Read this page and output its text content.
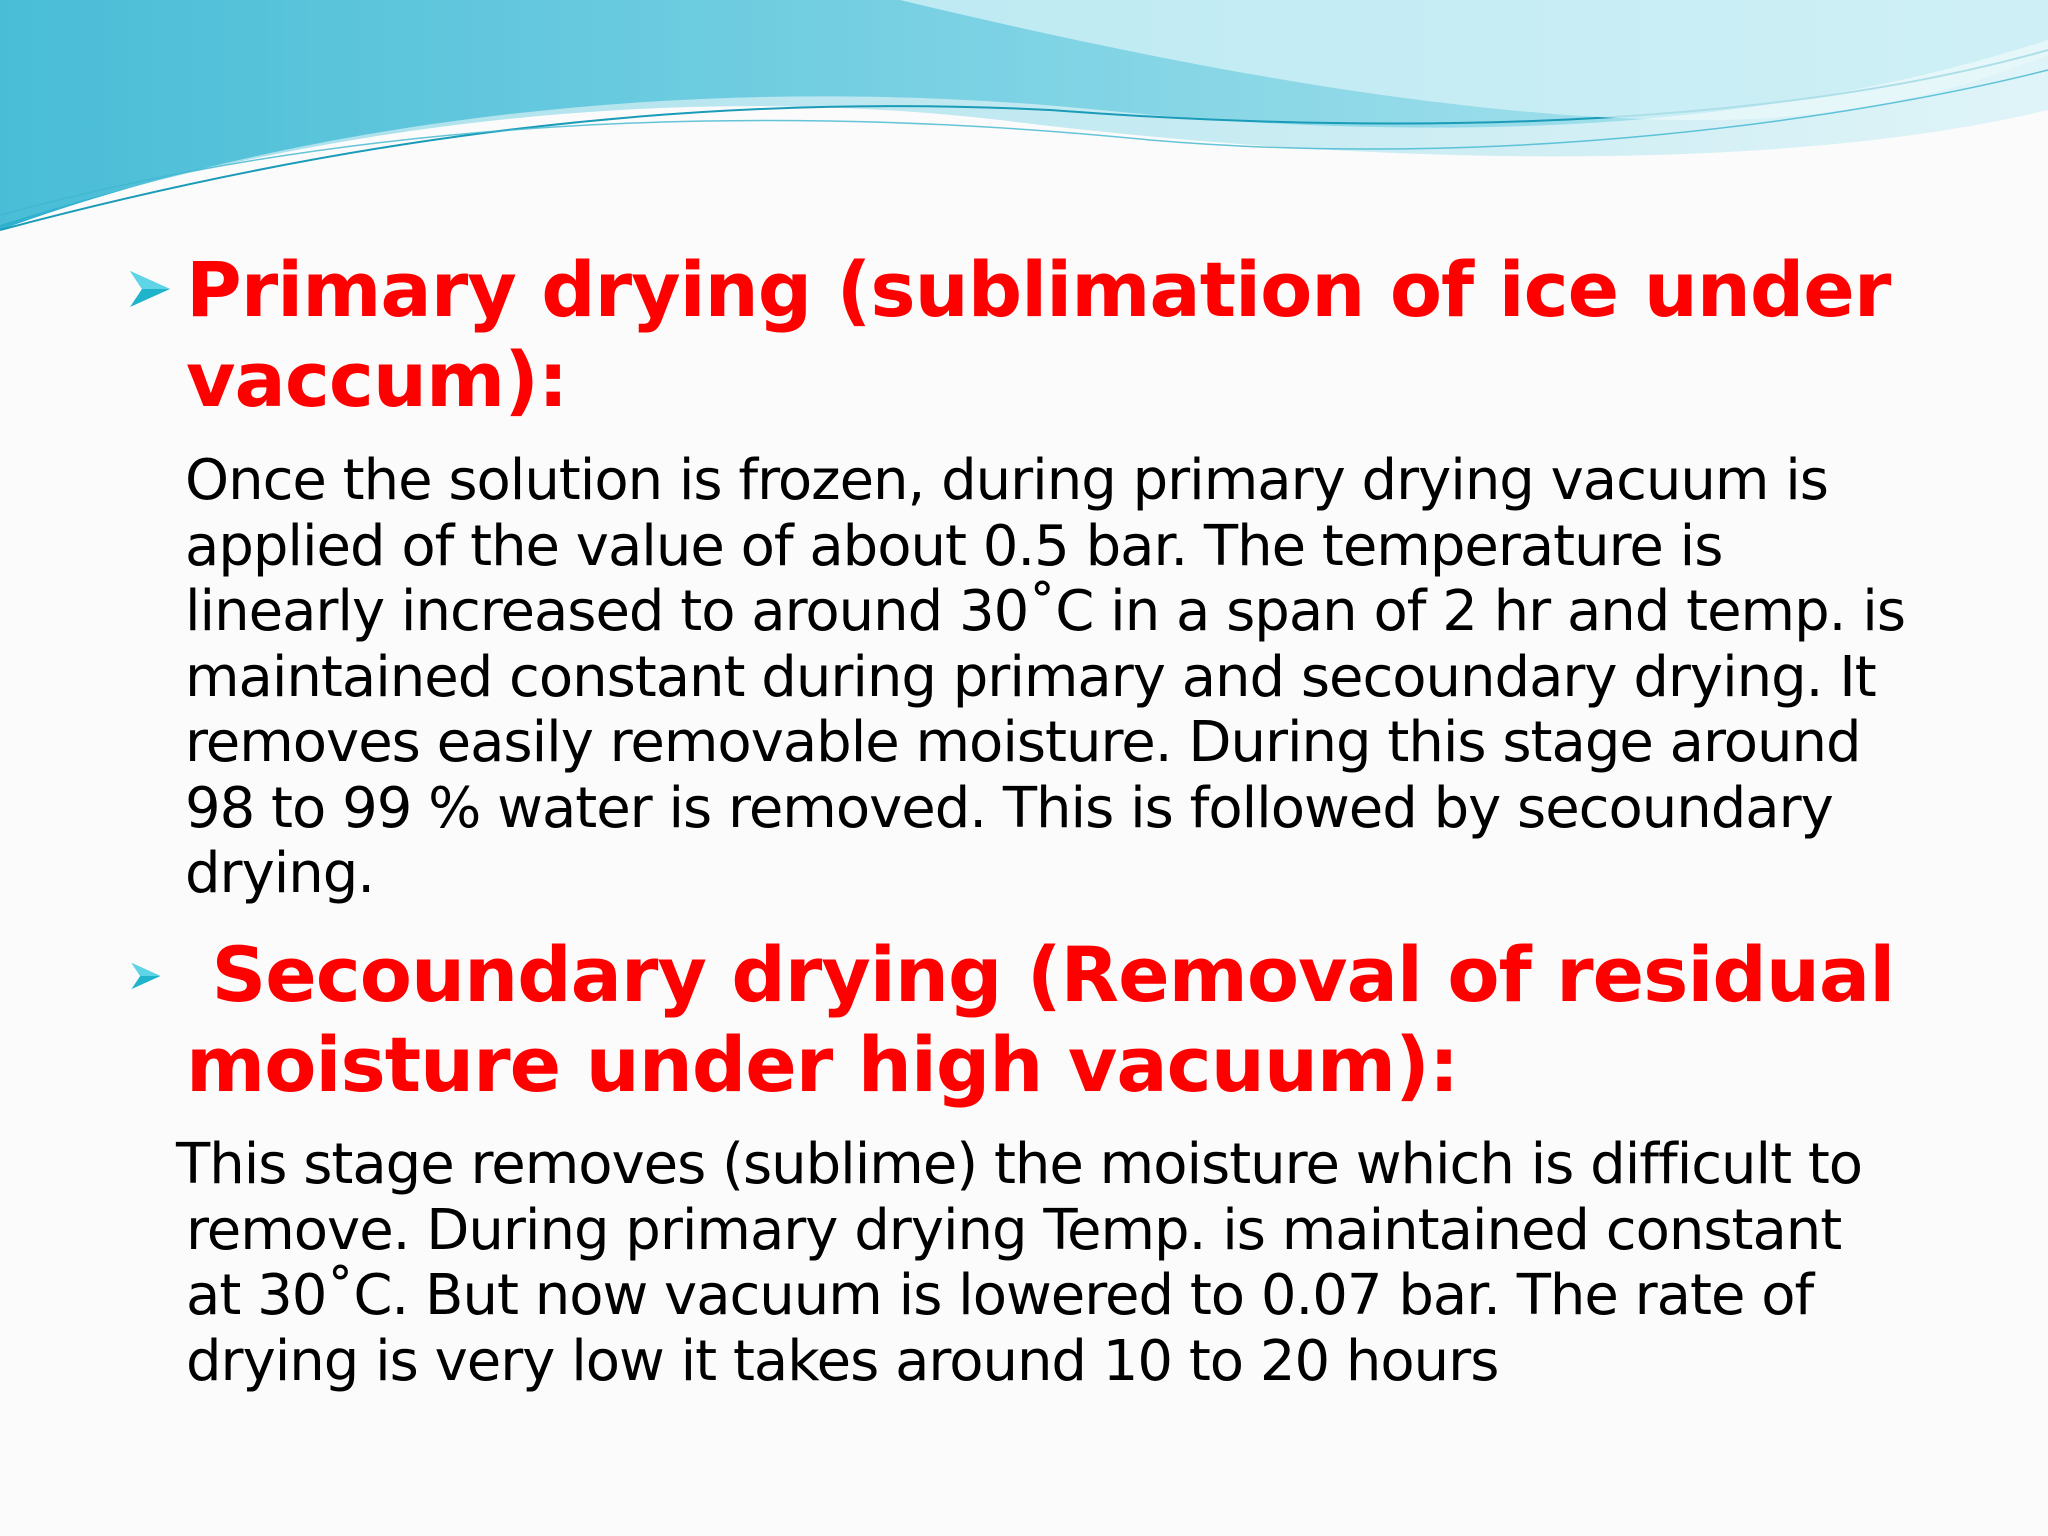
Primary drying (sublimation of ice under
vaccum):

Once the solution is frozen, during primary drying vacuum is
applied of the value of about 0.5 bar. The temperature is
linearly increased to around 30˚C in a span of 2 hr and temp. is
maintained constant during primary and secoundary drying. It
removes easily removable moisture. During this stage around
98 to 99 % water is removed. This is followed by secoundary
drying.

Secoundary drying (Removal of residual
moisture under high vacuum):

This stage removes (sublime) the moisture which is difficult to
remove. During primary drying Temp. is maintained constant
at 30˚C. But now vacuum is lowered to 0.07 bar. The rate of
drying is very low it takes around 10 to 20 hours
